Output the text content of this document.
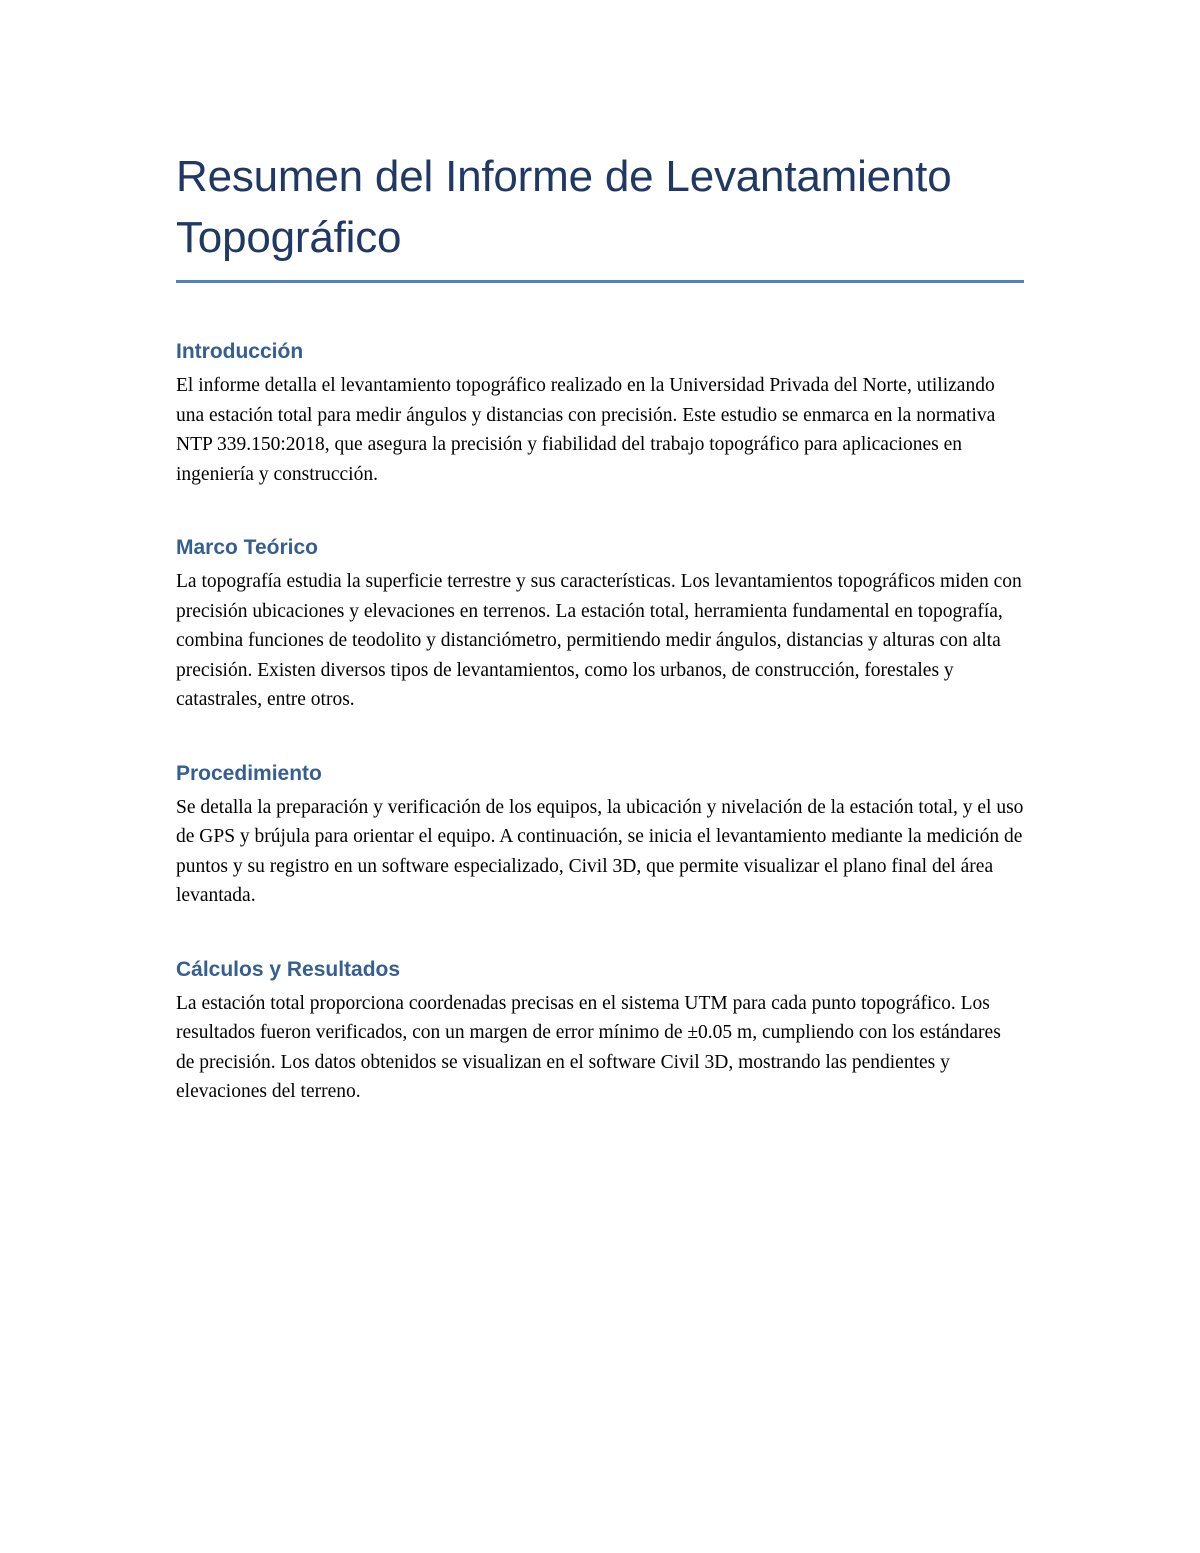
Resumen del Informe de Levantamiento Topográfico
Introducción

El informe detalla el levantamiento topográfico realizado en la Universidad Privada del Norte, utilizando una estación total para medir ángulos y distancias con precisión. Este estudio se enmarca en la normativa NTP 339.150:2018, que asegura la precisión y fiabilidad del trabajo topográfico para aplicaciones en ingeniería y construcción.

Marco Teórico

La topografía estudia la superficie terrestre y sus características. Los levantamientos topográficos miden con precisión ubicaciones y elevaciones en terrenos. La estación total, herramienta fundamental en topografía, combina funciones de teodolito y distanciómetro, permitiendo medir ángulos, distancias y alturas con alta precisión. Existen diversos tipos de levantamientos, como los urbanos, de construcción, forestales y catastrales, entre otros.

Procedimiento

Se detalla la preparación y verificación de los equipos, la ubicación y nivelación de la estación total, y el uso de GPS y brújula para orientar el equipo. A continuación, se inicia el levantamiento mediante la medición de puntos y su registro en un software especializado, Civil 3D, que permite visualizar el plano final del área levantada.

Cálculos y Resultados

La estación total proporciona coordenadas precisas en el sistema UTM para cada punto topográfico. Los resultados fueron verificados, con un margen de error mínimo de ±0.05 m, cumpliendo con los estándares de precisión. Los datos obtenidos se visualizan en el software Civil 3D, mostrando las pendientes y elevaciones del terreno.
